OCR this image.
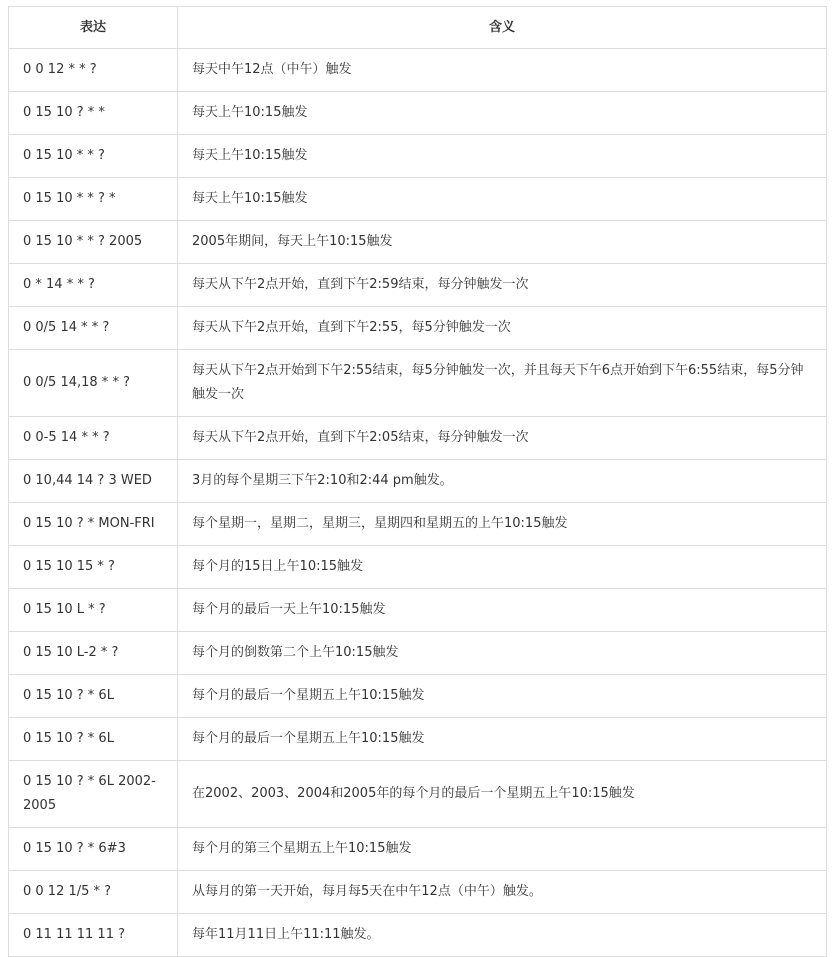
表达	含义
0 0 12 * * ?	每天中午12点（中午）触发
0 15 10 ? * *	每天上午10:15触发
0 15 10 * * ?	每天上午10:15触发
0 15 10 * * ? *	每天上午10:15触发
0 15 10 * * ? 2005	2005年期间，每天上午10:15触发
0 * 14 * * ?	每天从下午2点开始，直到下午2:59结束，每分钟触发一次
0 0/5 14 * * ?	每天从下午2点开始，直到下午2:55，每5分钟触发一次
0 0/5 14,18 * * ?	每天从下午2点开始到下午2:55结束，每5分钟触发一次，并且每天下午6点开始到下午6:55结束，每5分钟触发一次
0 0-5 14 * * ?	每天从下午2点开始，直到下午2:05结束，每分钟触发一次
0 10,44 14 ? 3 WED	3月的每个星期三下午2:10和2:44 pm触发。
0 15 10 ? * MON-FRI	每个星期一，星期二，星期三，星期四和星期五的上午10:15触发
0 15 10 15 * ?	每个月的15日上午10:15触发
0 15 10 L * ?	每个月的最后一天上午10:15触发
0 15 10 L-2 * ?	每个月的倒数第二个上午10:15触发
0 15 10 ? * 6L	每个月的最后一个星期五上午10:15触发
0 15 10 ? * 6L	每个月的最后一个星期五上午10:15触发
0 15 10 ? * 6L 2002-2005	在2002、2003、2004和2005年的每个月的最后一个星期五上午10:15触发
0 15 10 ? * 6#3	每个月的第三个星期五上午10:15触发
0 0 12 1/5 * ?	从每月的第一天开始，每月每5天在中午12点（中午）触发。
0 11 11 11 11 ?	每年11月11日上午11:11触发。
